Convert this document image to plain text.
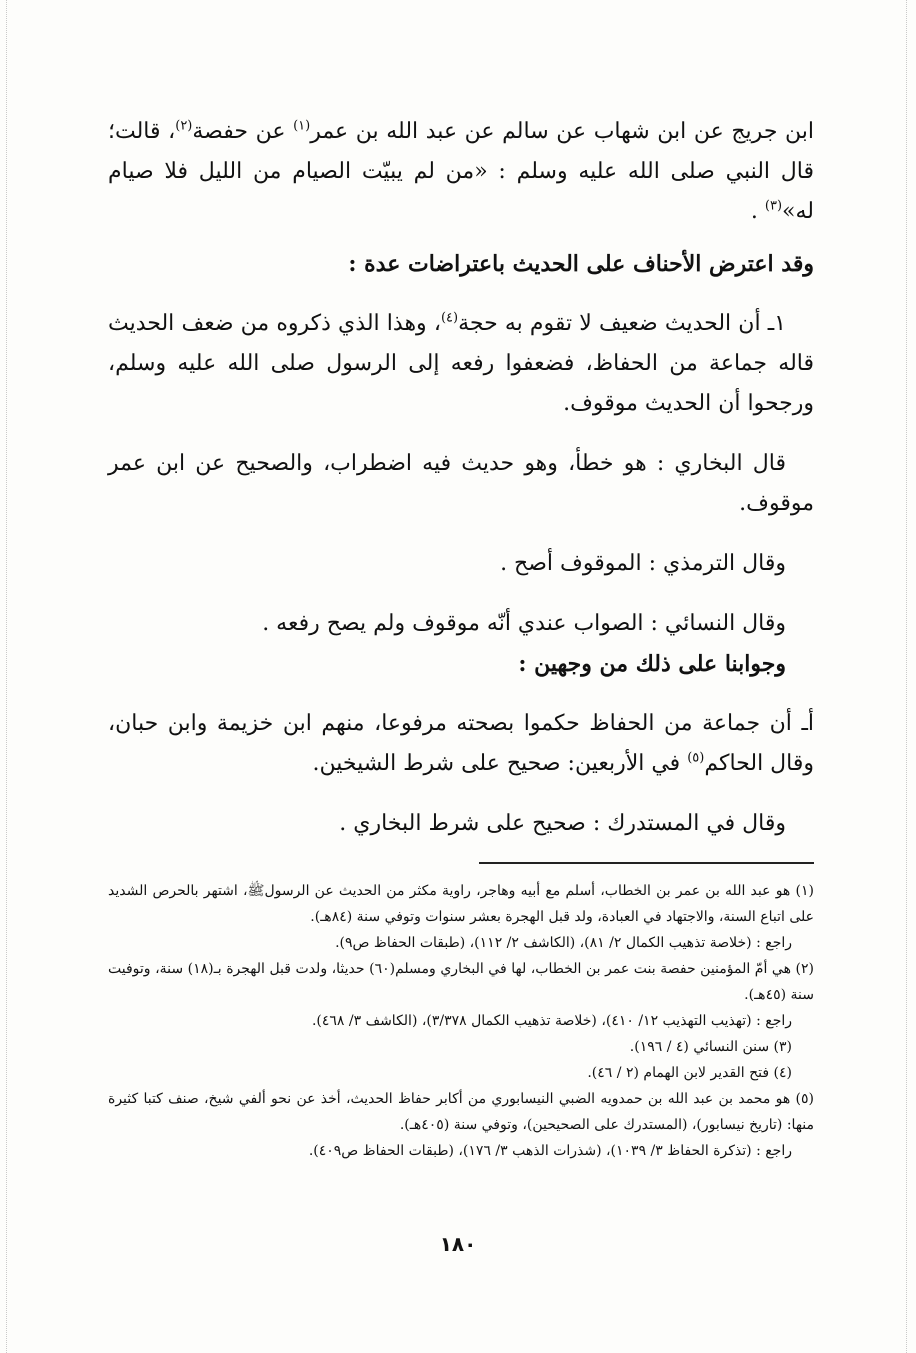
ابن جريج عن ابن شهاب عن سالم عن عبد الله بن عمر$^{(١)}$ عن حفصة$^{(٢)}$، قالت؛ قال النبي صلى الله عليه وسلم : «من لم يبيّت الصيام من الليل فلا صيام له»$^{(٣)}$ .

وقد اعترض الأحناف على الحديث باعتراضات عدة :

١ـ أن الحديث ضعيف لا تقوم به حجة$^{(٤)}$، وهذا الذي ذكروه من ضعف الحديث قاله جماعة من الحفاظ، فضعفوا رفعه إلى الرسول صلى الله عليه وسلم، ورجحوا أن الحديث موقوف.

قال البخاري : هو خطأ، وهو حديث فيه اضطراب، والصحيح عن ابن عمر موقوف.

وقال الترمذي : الموقوف أصح .

وقال النسائي : الصواب عندي أنّه موقوف ولم يصح رفعه .

وجوابنا على ذلك من وجهين :

أـ أن جماعة من الحفاظ حكموا بصحته مرفوعا، منهم ابن خزيمة وابن حبان، وقال الحاكم$^{(٥)}$ في الأربعين: صحيح على شرط الشيخين.

وقال في المستدرك : صحيح على شرط البخاري .

(١) هو عبد الله بن عمر بن الخطاب، أسلم مع أبيه وهاجر، راوية مكثر من الحديث عن الرسولﷺ، اشتهر بالحرص الشديد على اتباع السنة، والاجتهاد في العبادة، ولد قبل الهجرة بعشر سنوات وتوفي سنة (٨٤هـ).

راجع : (خلاصة تذهيب الكمال ٢/ ٨١)، (الكاشف ٢/ ١١٢)، (طبقات الحفاظ ص٩).

(٢) هي أمّ المؤمنين حفصة بنت عمر بن الخطاب، لها في البخاري ومسلم(٦٠) حديثا، ولدت قبل الهجرة بـ(١٨) سنة، وتوفيت سنة (٤٥هـ).

راجع : (تهذيب التهذيب ١٢/ ٤١٠)، (خلاصة تذهيب الكمال ٣/٣٧٨)، (الكاشف ٣/ ٤٦٨).

(٣) سنن النسائي (٤ / ١٩٦).

(٤) فتح القدير لابن الهمام (٢ / ٤٦).

(٥) هو محمد بن عبد الله بن حمدويه الضبي النيسابوري من أكابر حفاظ الحديث، أخذ عن نحو ألفي شيخ، صنف كتبا كثيرة منها: (تاريخ نيسابور)، (المستدرك على الصحيحين)، وتوفي سنة (٤٠٥هـ).

راجع : (تذكرة الحفاظ ٣/ ١٠٣٩)، (شذرات الذهب ٣/ ١٧٦)، (طبقات الحفاظ ص٤٠٩).

١٨٠
